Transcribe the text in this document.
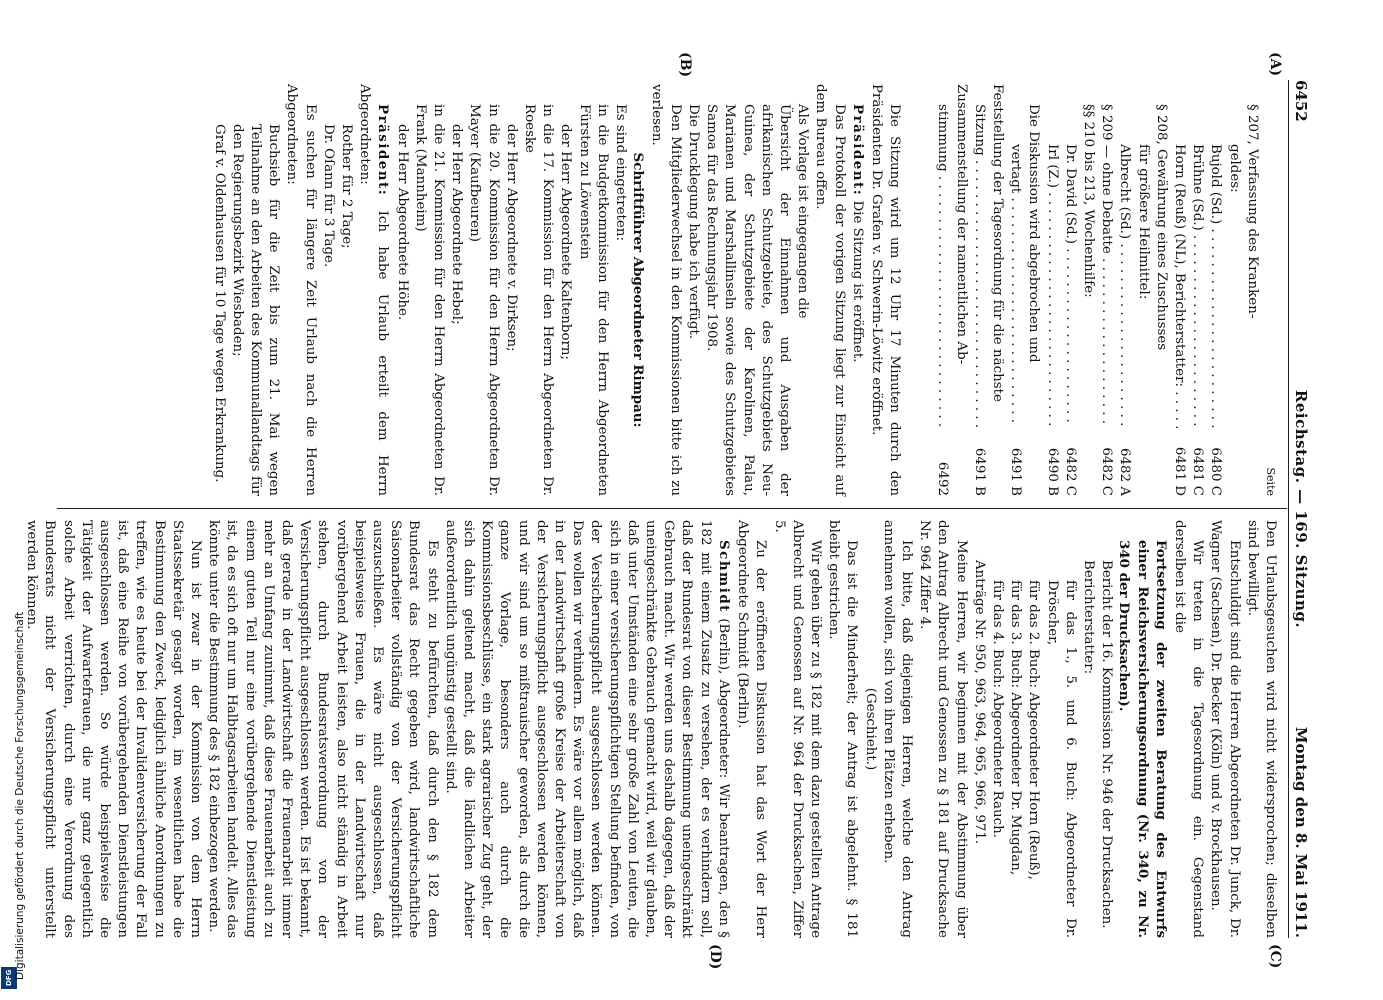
DFG Digitalisierung gefördert durch die Deutsche Forschungsgemeinschaft
6452
Reichstag. — 169. Sitzung.
Montag den 8. Mai 1911.
(A)
(B)
(C)
(D)
Seite

§ 207, Verfassung des Kranken-

geldes:

Bujold (Sd.) . . .
6480 C
Brühne (Sd.) . . .
6481 C
Horn (Reuß) (NL), Berichterstatter: . . .
6481 D

§ 208, Gewährung eines Zuschusses

für größere Heilmittel:

Albrecht (Sd.) . . .
6482 A
§ 209 — ohne Debatte . . .
6482 C

§§ 210 bis 213, Wochenhilfe:

Dr. David (Sd.) . . .
6482 C
Irl (Z.) . . .
6490 B

Die Diskussion wird abgebrochen und

vertagt . . .
6491 B

Feststellung der Tagesordnung für die nächste

Sitzung . . .
6491 B

Zusammenstellung der namentlichen Ab-

stimmung . . .
6492

Die Sitzung wird um 12 Uhr 17 Minuten durch den Präsidenten Dr. Grafen v. Schwerin-Löwitz eröffnet.

Präsident: Die Sitzung ist eröffnet.

Das Protokoll der vorigen Sitzung liegt zur Einsicht auf dem Bureau offen.

Als Vorlage ist eingegangen die

Übersicht der Einnahmen und Ausgaben der afrikanischen Schutzgebiete, des Schutzgebiets Neu-Guinea, der Schutzgebiete der Karolinen, Palau, Marianen und Marshallinseln sowie des Schutzgebietes Samoa für das Rechnungsjahr 1908.

Die Drucklegung habe ich verfügt.

Den Mitgliederwechsel in den Kommissionen bitte ich zu verlesen.

Schriftführer Abgeordneter Rimpau:

Es sind eingetreten:

in die Budgetkommission für den Herrn Abgeordneten Fürsten zu Löwenstein

der Herr Abgeordnete Kaltenborn;

in die 17. Kommission für den Herrn Abgeordneten Dr. Roeske

der Herr Abgeordnete v. Dirksen;

in die 20. Kommission für den Herrn Abgeordneten Dr. Mayer (Kaufbeuren)

der Herr Abgeordnete Hebel;

in die 21. Kommission für den Herrn Abgeordneten Dr. Frank (Mannheim)

der Herr Abgeordnete Höhe.

Präsident: Ich habe Urlaub erteilt dem Herrn Abgeordneten:

Rother für 2 Tage;

Dr. Oſann für 3 Tage.

Es suchen für längere Zeit Urlaub nach die Herren Abgeordneten:

Buchsieb für die Zeit bis zum 21. Mai wegen Teilnahme an den Arbeiten des Kommunallandtags für den Regierungsbezirk Wiesbaden;

Graf v. Oldenhausen für 10 Tage wegen Erkrankung.

Den Urlaubsgesuchen wird nicht widersprochen; dieselben sind bewilligt.

Entschuldigt sind die Herren Abgeordneten Dr. Junck, Dr. Wagner (Sachsen), Dr. Becker (Köln) und v. Brockhausen.

Wir treten in die Tagesordnung ein. Gegenstand derselben ist die

Fortsetzung der zweiten Beratung des Entwurfs einer Reichsversicherungsordnung (Nr. 340, zu Nr. 340 der Drucksachen).

Bericht der 16. Kommission Nr. 946 der Drucksachen.

Berichterstatter:

für das 1., 5. und 6. Buch: Abgeordneter Dr. Dröscher,

für das 2. Buch: Abgeordneter Horn (Reuß),

für das 3. Buch: Abgeordneter Dr. Mugdan,

für das 4. Buch: Abgeordneter Rauch.

Anträge Nr. 950, 963, 964, 965, 966, 971.

Meine Herren, wir beginnen mit der Abstimmung über den Antrag Albrecht und Genossen zu § 181 auf Drucksache Nr. 964 Ziffer 4.

Ich bitte, daß diejenigen Herren, welche den Antrag annehmen wollen, sich von ihren Plätzen erheben.

(Geschieht.)

Das ist die Minderheit; der Antrag ist abgelehnt. § 181 bleibt gestrichen.

Wir gehen über zu § 182 mit dem dazu gestellten Antrage Albrecht und Genossen auf Nr. 964 der Drucksachen, Ziffer 5.

Zu der eröffneten Diskussion hat das Wort der Herr Abgeordnete Schmidt (Berlin).

Schmidt (Berlin), Abgeordneter: Wir beantragen, den § 182 mit einem Zusatz zu versehen, der es verhindern soll, daß der Bundesrat von dieser Bestimmung uneingeschränkt Gebrauch macht. Wir werden uns deshalb dagegen, daß der uneingeschränkte Gebrauch gemacht wird, weil wir glauben, daß unter Umständen eine sehr große Zahl von Leuten, die sich in einer versicherungspflichtigen Stellung befinden, von der Versicherungspflicht ausgeschlossen werden können. Das wollen wir verhindern. Es wäre vor allem möglich, daß in der Landwirtschaft große Kreise der Arbeiterschaft von der Versicherungspflicht ausgeschlossen werden können, und wir sind um so mißtrauischer geworden, als durch die ganze Vorlage, besonders auch durch die Kommissionsbeschlüsse, ein stark agrarischer Zug geht, der sich dahin geltend macht, daß die ländlichen Arbeiter außerordentlich ungünstig gestellt sind.

Es steht zu befürchten, daß durch den § 182 dem Bundesrat das Recht gegeben wird, landwirtschaftliche Saisonarbeiter vollständig von der Versicherungspflicht auszuschließen. Es wäre nicht ausgeschlossen, daß beispielsweise Frauen, die in der Landwirtschaft nur vorübergehend Arbeit leisten, also nicht ständig in Arbeit stehen, durch Bundesratsverordnung von der Versicherungspflicht ausgeschlossen werden. Es ist bekannt, daß gerade in der Landwirtschaft die Frauenarbeit immer mehr an Umfang zunimmt, daß diese Frauenarbeit auch zu einem guten Teil nur eine vorübergehende Dienstleistung ist, da es sich oft nur um Halbtagsarbeiten handelt. Alles das könnte unter die Bestimmung des § 182 einbezogen werden.

Nun ist zwar in der Kommission von dem Herrn Staatssekretär gesagt worden, im wesentlichen habe die Bestimmung den Zweck, lediglich ähnliche Anordnungen zu treffen, wie es heute bei der Invalidenversicherung der Fall ist, daß eine Reihe von vorübergehenden Dienstleistungen ausgeschlossen werden. So würde beispielsweise die Tätigkeit der Aufwartefrauen, die nur ganz gelegentlich solche Arbeit verrichten, durch eine Verordnung des Bundesrats nicht der Versicherungspflicht unterstellt werden können.
